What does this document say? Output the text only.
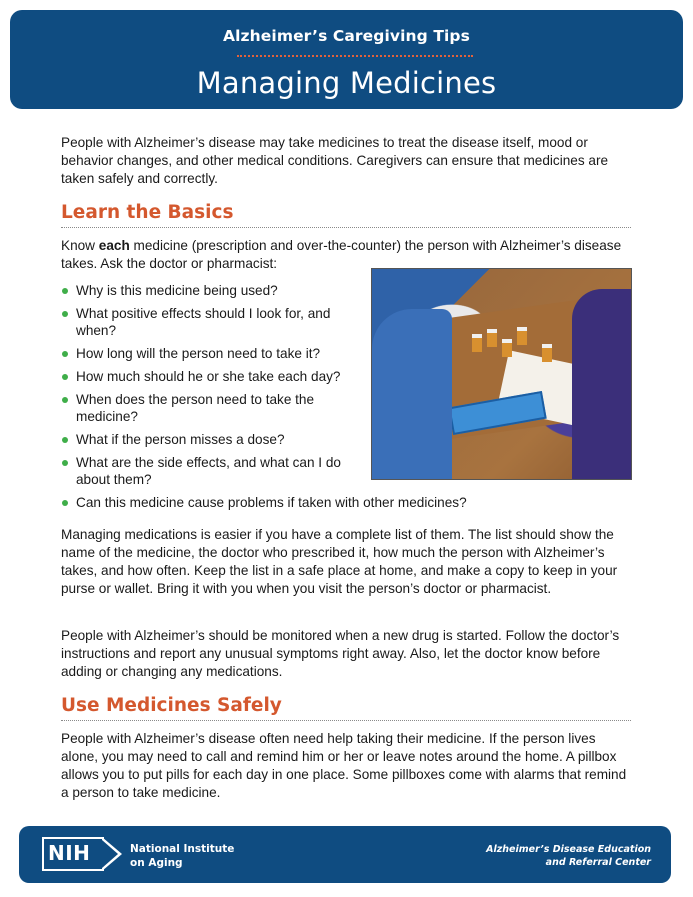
Alzheimer’s Caregiving Tips
Managing Medicines

People with Alzheimer’s disease may take medicines to treat the disease itself, mood or behavior changes, and other medical conditions. Caregivers can ensure that medicines are taken safely and correctly.

Learn the Basics

Know each medicine (prescription and over-the-counter) the person with Alzheimer’s disease takes. Ask the doctor or pharmacist:

Why is this medicine being used?
What positive effects should I look for, and when?
How long will the person need to take it?
How much should he or she take each day?
When does the person need to take the medicine?
What if the person misses a dose?
What are the side effects, and what can I do about them?
Can this medicine cause problems if taken with other medicines?

Managing medications is easier if you have a complete list of them. The list should show the name of the medicine, the doctor who prescribed it, how much the person with Alzheimer’s takes, and how often. Keep the list in a safe place at home, and make a copy to keep in your purse or wallet. Bring it with you when you visit the person’s doctor or pharmacist.

People with Alzheimer’s should be monitored when a new drug is started. Follow the doctor’s instructions and report any unusual symptoms right away. Also, let the doctor know before adding or changing any medications.

Use Medicines Safely

People with Alzheimer’s disease often need help taking their medicine. If the person lives alone, you may need to call and remind him or her or leave notes around the home. A pillbox allows you to put pills for each day in one place. Some pillboxes come with alarms that remind a person to take medicine.

NIH	National Institute
on Aging
Alzheimer’s Disease Education
and Referral Center
